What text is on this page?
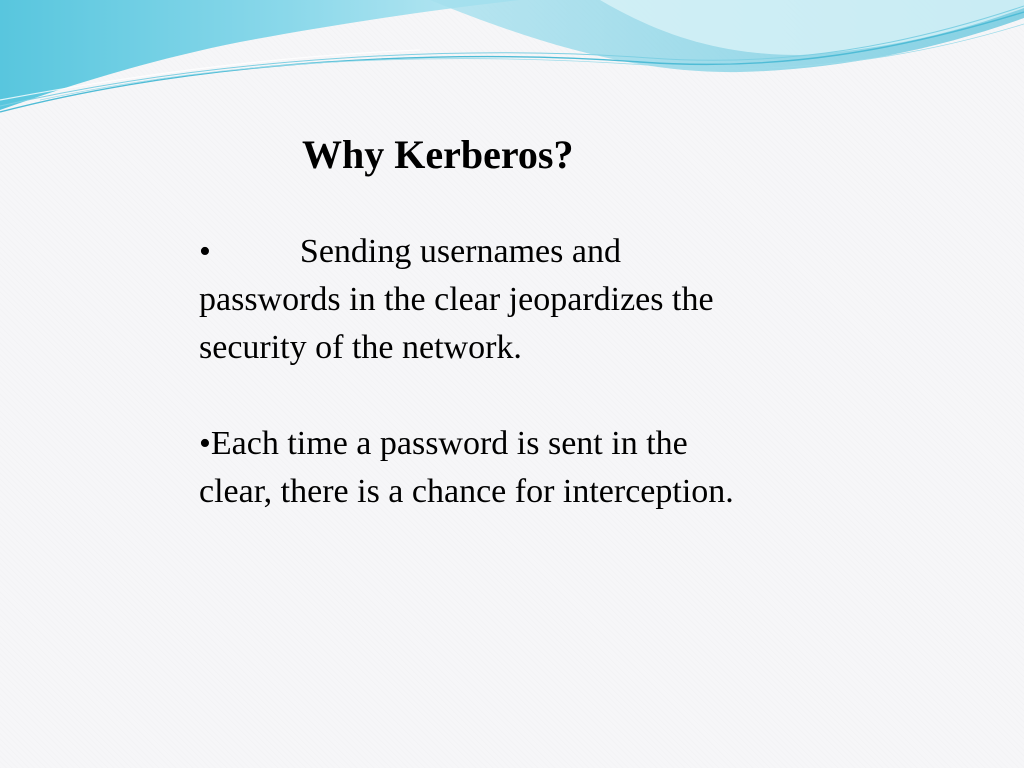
Why Kerberos?

•	Sending usernames and passwords in the clear jeopardizes the security of the network.

•Each time a password is sent in the clear, there is a chance for interception.
